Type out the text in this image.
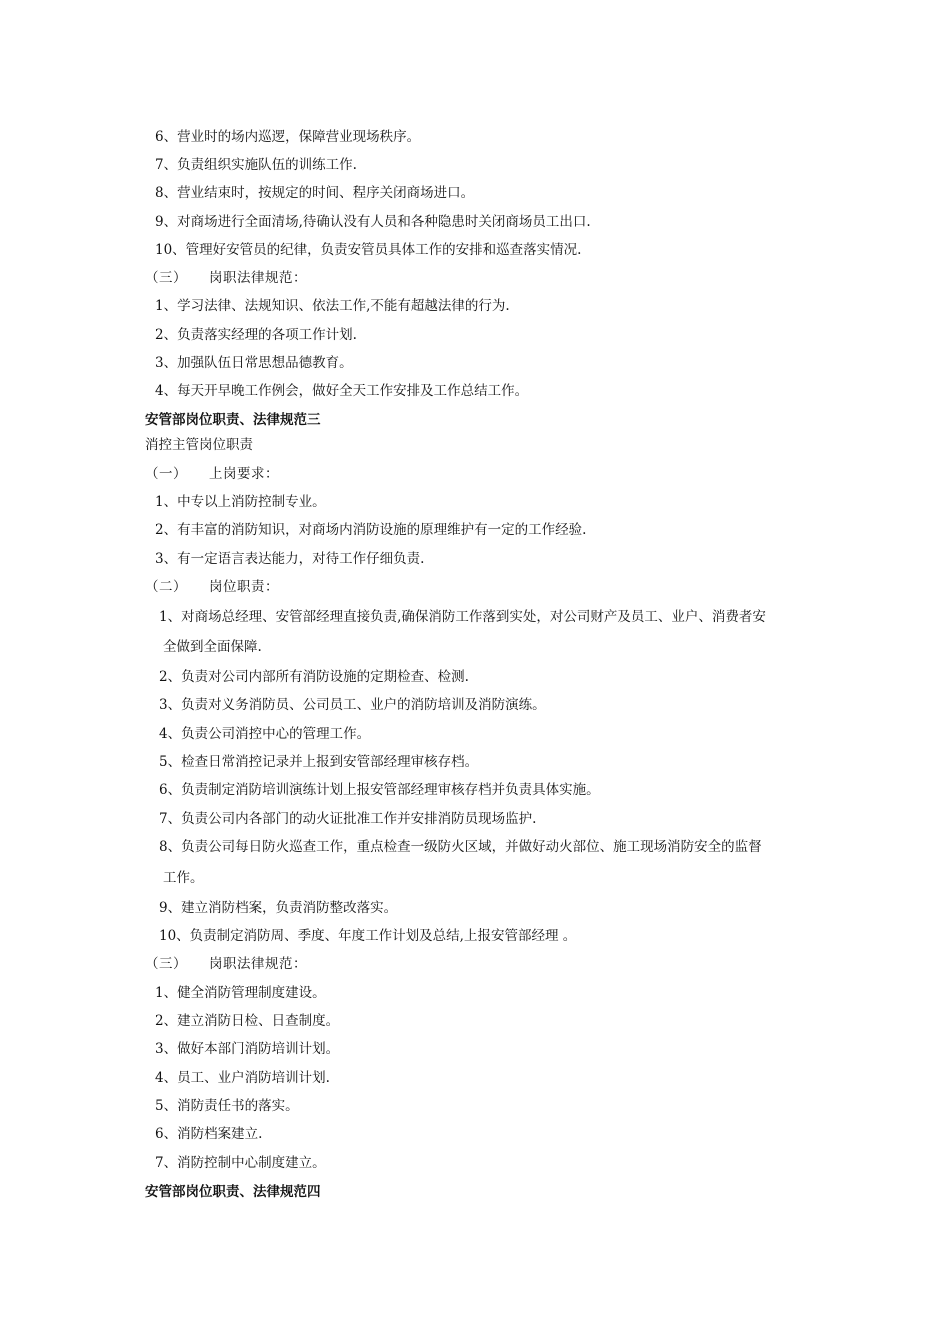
6、营业时的场内巡逻，保障营业现场秩序。
7、负责组织实施队伍的训练工作.
8、营业结束时，按规定的时间、程序关闭商场进口。
9、对商场进行全面清场,待确认没有人员和各种隐患时关闭商场员工出口.
10、管理好安管员的纪律，负责安管员具体工作的安排和巡查落实情况.
（三） 岗职法律规范：
1、学习法律、法规知识、依法工作,不能有超越法律的行为.
2、负责落实经理的各项工作计划.
3、加强队伍日常思想品德教育。
4、每天开早晚工作例会，做好全天工作安排及工作总结工作。
安管部岗位职责、法律规范三
消控主管岗位职责
（一） 上岗要求：
1、中专以上消防控制专业。
2、有丰富的消防知识，对商场内消防设施的原理维护有一定的工作经验.
3、有一定语言表达能力，对待工作仔细负责.
（二） 岗位职责：
1、对商场总经理、安管部经理直接负责,确保消防工作落到实处，对公司财产及员工、业户、消费者安
全做到全面保障.
2、负责对公司内部所有消防设施的定期检查、检测.
3、负责对义务消防员、公司员工、业户的消防培训及消防演练。
4、负责公司消控中心的管理工作。
5、检查日常消控记录并上报到安管部经理审核存档。
6、负责制定消防培训演练计划上报安管部经理审核存档并负责具体实施。
7、负责公司内各部门的动火证批准工作并安排消防员现场监护.
8、负责公司每日防火巡查工作，重点检查一级防火区域，并做好动火部位、施工现场消防安全的监督
工作。
9、建立消防档案，负责消防整改落实。
10、负责制定消防周、季度、年度工作计划及总结,上报安管部经理 。
（三） 岗职法律规范：
1、健全消防管理制度建设。
2、建立消防日检、日查制度。
3、做好本部门消防培训计划。
4、员工、业户消防培训计划.
5、消防责任书的落实。
6、消防档案建立.
7、消防控制中心制度建立。
安管部岗位职责、法律规范四
